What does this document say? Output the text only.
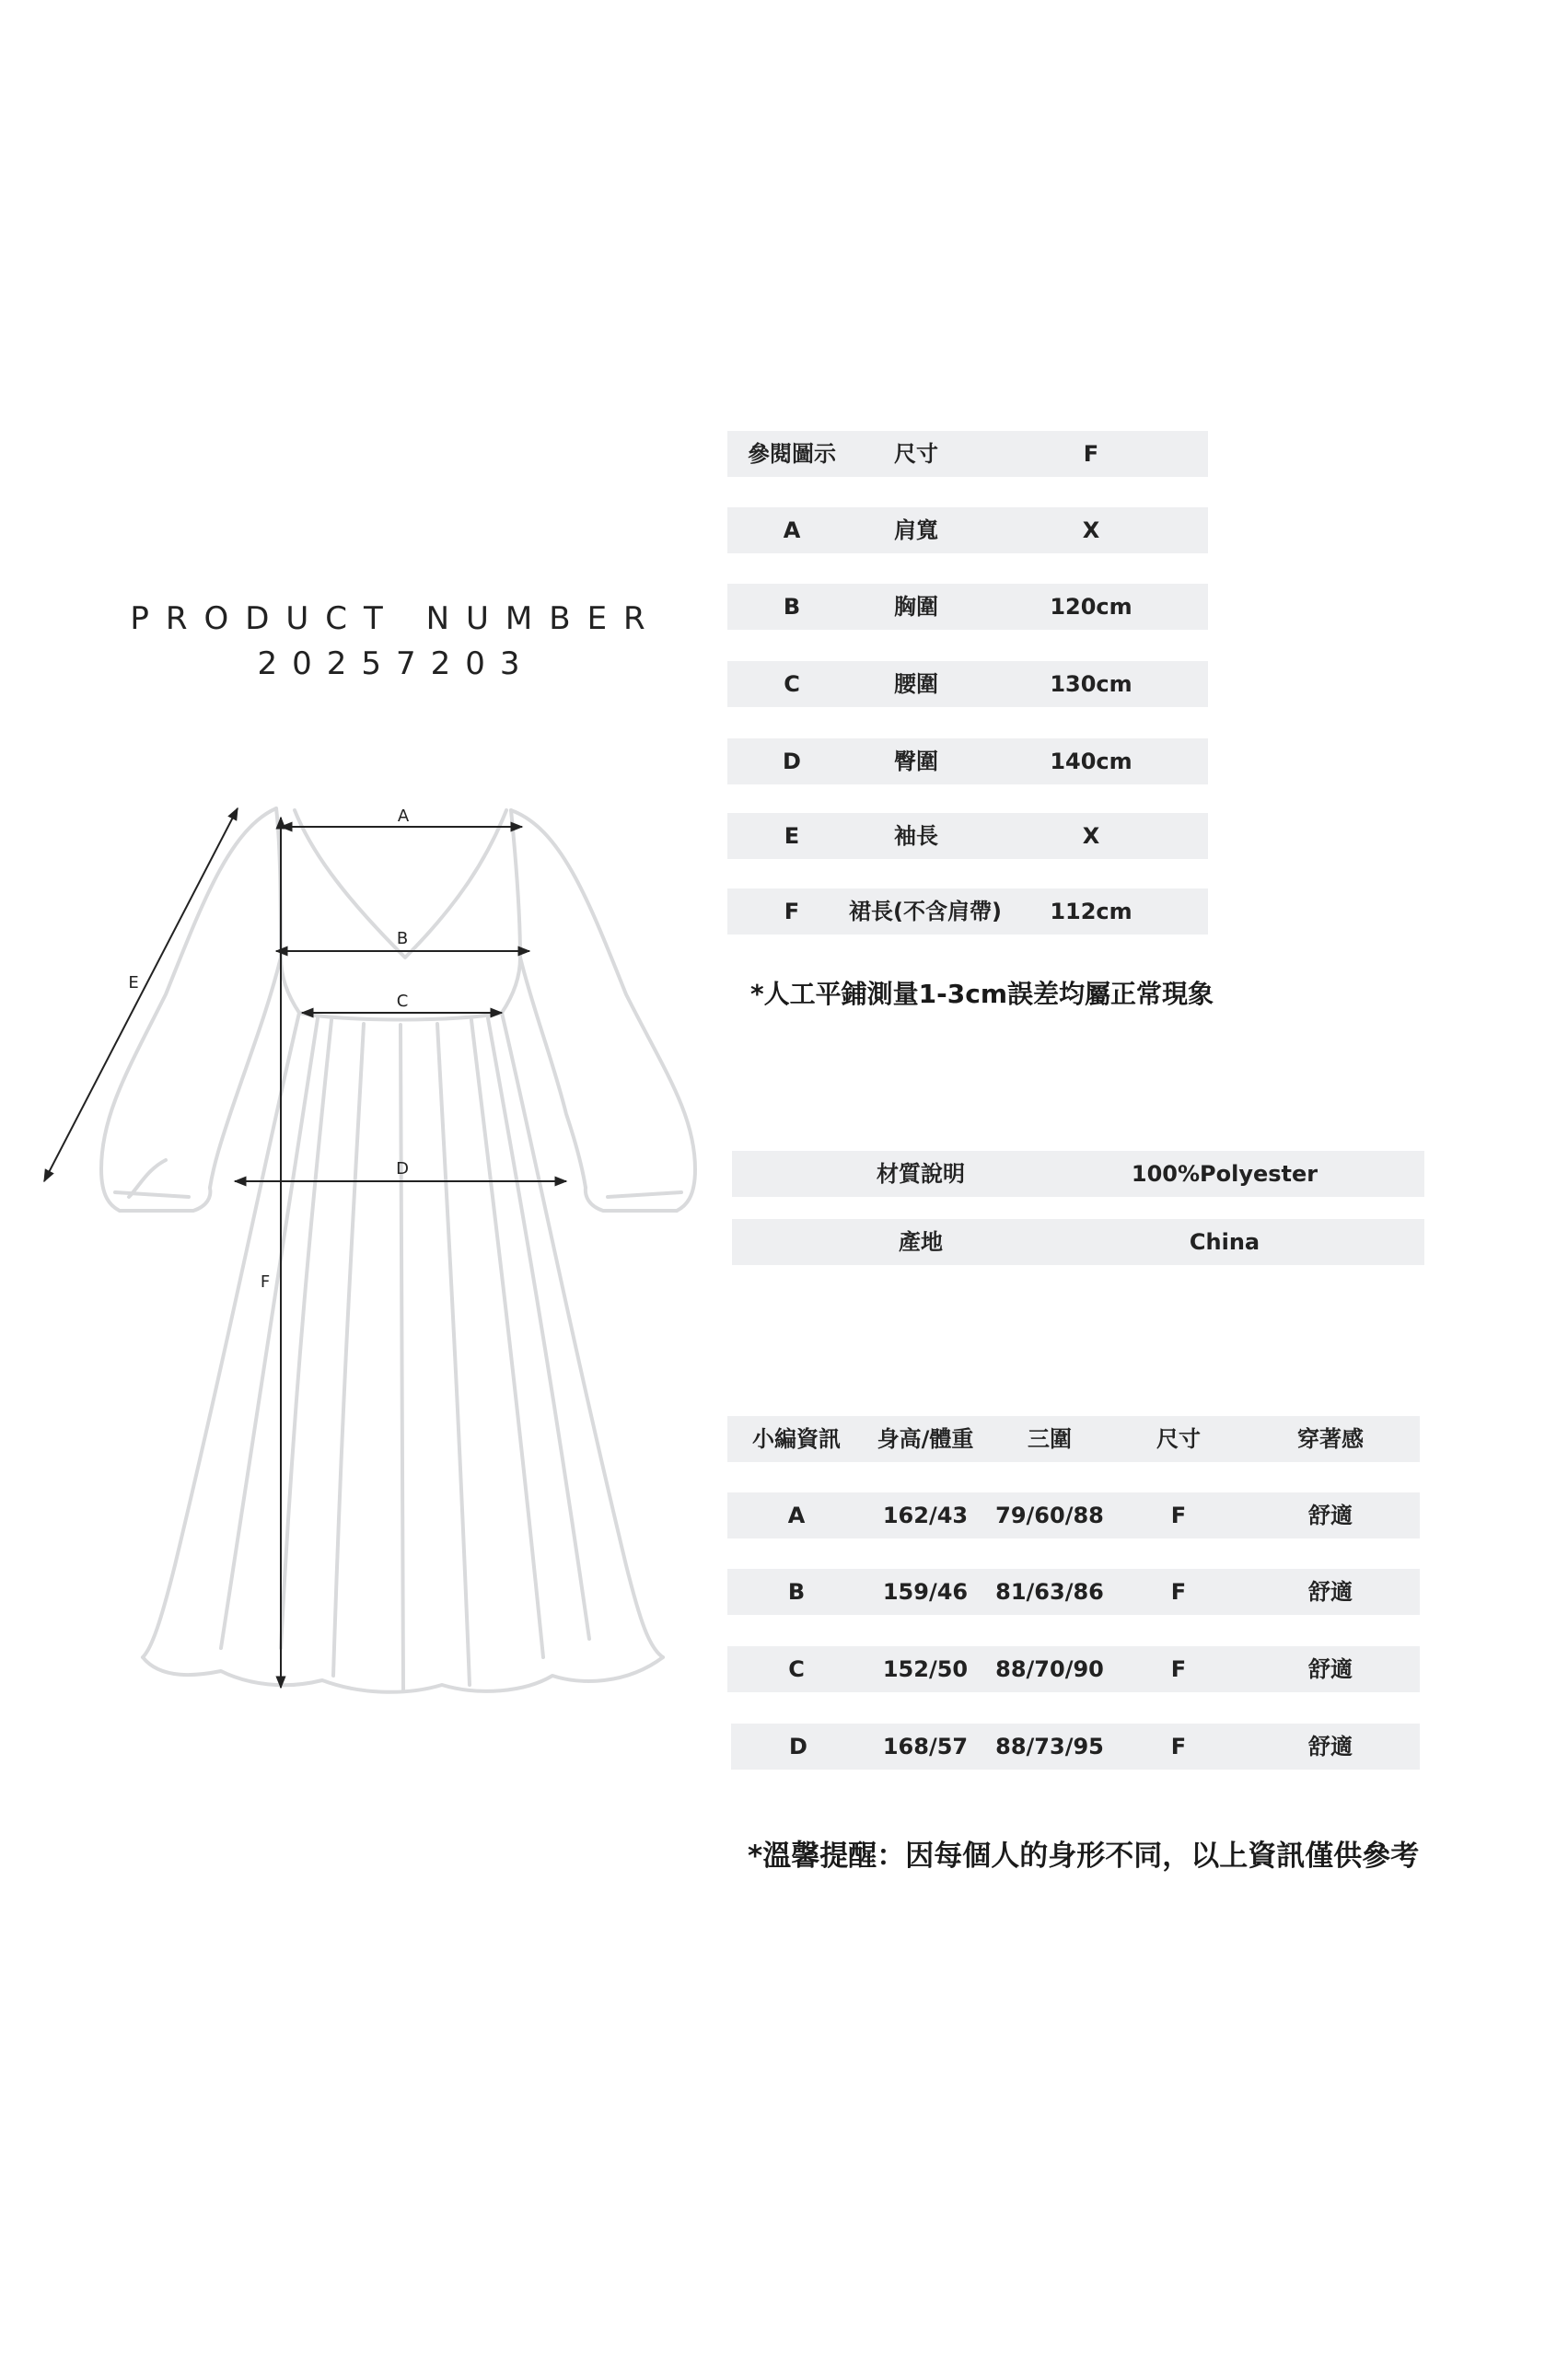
PRODUCT NUMBER
20257203
A
B
C
D
E
F
參閱圖示	尺寸	F
A	肩寬	X
B	胸圍	120cm
C	腰圍	130cm
D	臀圍	140cm
E	袖長	X
F	裙長(不含肩帶)	112cm
*人工平鋪測量1-3cm誤差均屬正常現象
材質說明	100%Polyester
產地	China
小編資訊	身高/體重	三圍	尺寸	穿著感
A	162/43	79/60/88	F	舒適
B	159/46	81/63/86	F	舒適
C	152/50	88/70/90	F	舒適
D	168/57	88/73/95	F	舒適
*溫馨提醒：因每個人的身形不同，以上資訊僅供參考
